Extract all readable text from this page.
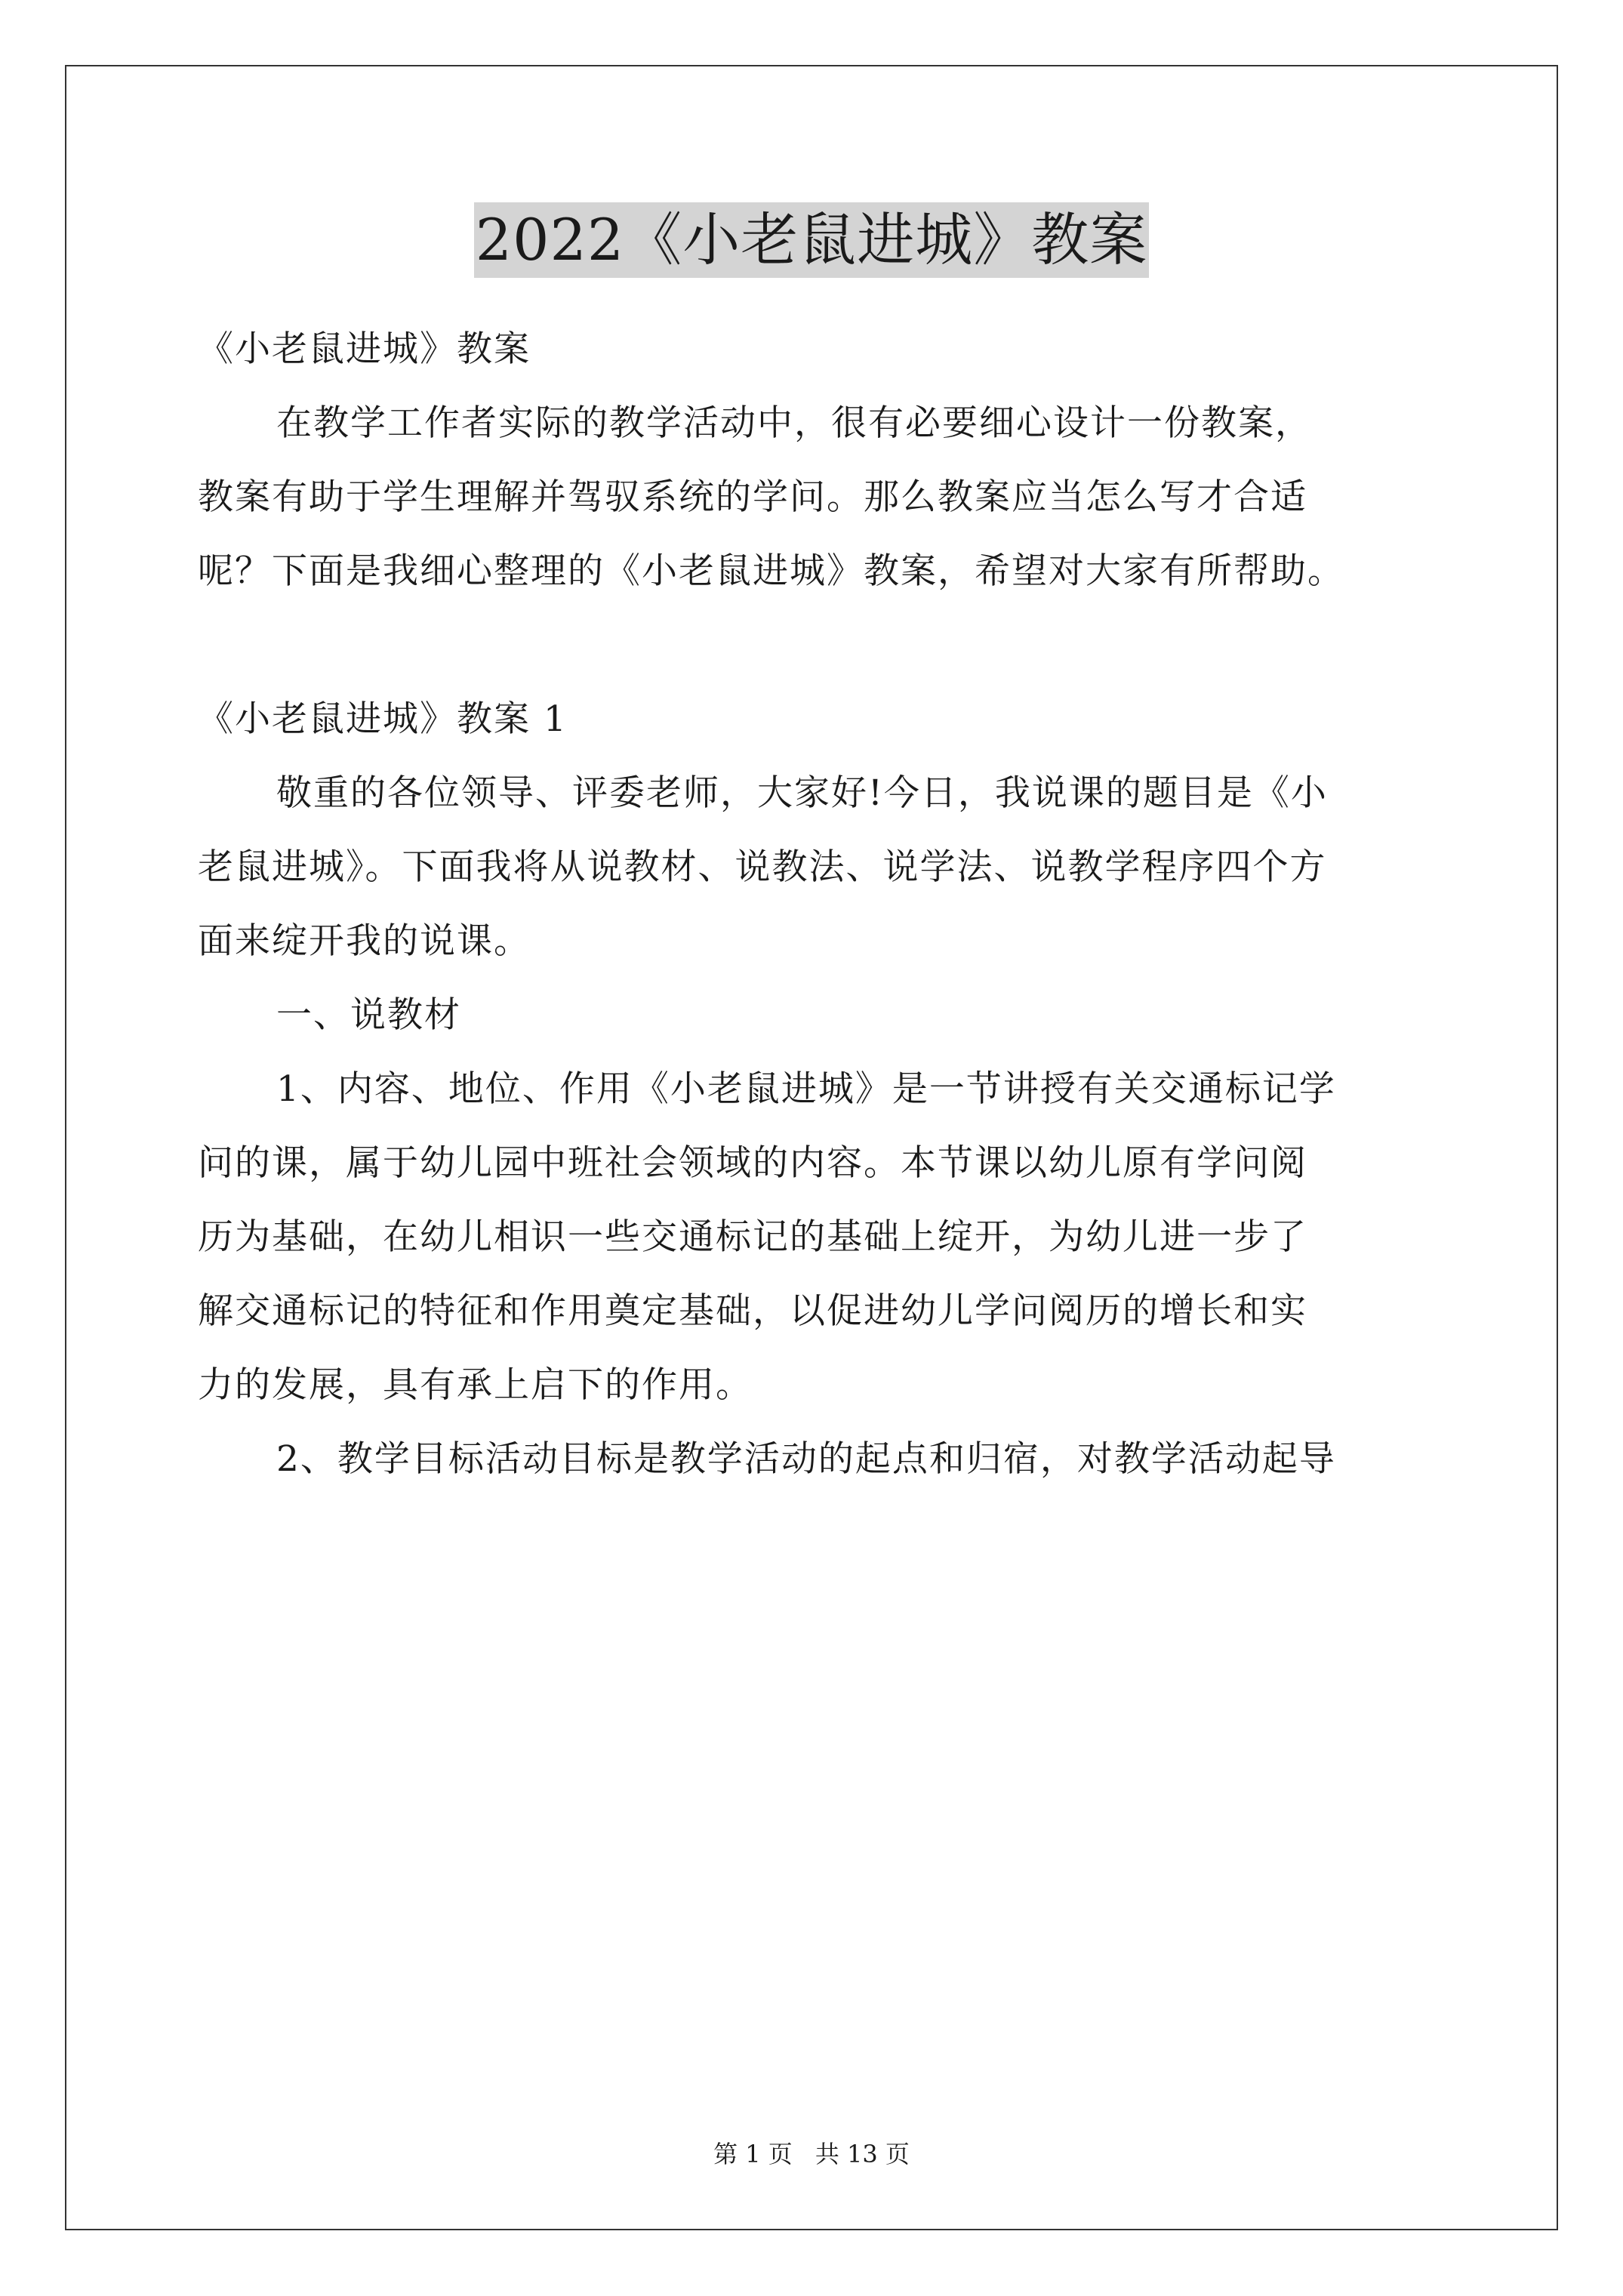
2022《小老鼠进城》教案
《小老鼠进城》教案
在教学工作者实际的教学活动中，很有必要细心设计一份教案，
教案有助于学生理解并驾驭系统的学问。那么教案应当怎么写才合适
呢？下面是我细心整理的《小老鼠进城》教案，希望对大家有所帮助。
《小老鼠进城》教案 1
敬重的各位领导、评委老师，大家好!今日，我说课的题目是《小
老鼠进城》。下面我将从说教材、说教法、说学法、说教学程序四个方
面来绽开我的说课。
一、说教材
1、内容、地位、作用《小老鼠进城》是一节讲授有关交通标记学
问的课，属于幼儿园中班社会领域的内容。本节课以幼儿原有学问阅
历为基础，在幼儿相识一些交通标记的基础上绽开，为幼儿进一步了
解交通标记的特征和作用奠定基础，以促进幼儿学问阅历的增长和实
力的发展，具有承上启下的作用。
2、教学目标活动目标是教学活动的起点和归宿，对教学活动起导
第 1 页 共 13 页
